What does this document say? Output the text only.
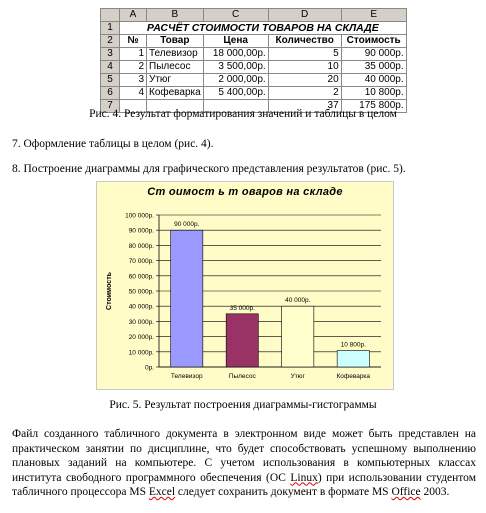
	A	B	C	D	E
1	РАСЧЁТ СТОИМОСТИ ТОВАРОВ НА СКЛАДЕ				
2	№	Товар	Цена	Количество	Стоимость
3	1	Телевизор	18 000,00р.	5	90 000р.
4	2	Пылесос	3 500,00р.	10	35 000р.
5	3	Утюг	2 000,00р.	20	40 000р.
6	4	Кофеварка	5 400,00р.	2	10 800р.
7				37	175 800р.
Рис. 4. Результат форматирования значений и таблицы в целом
7. Оформление таблицы в целом (рис. 4).
8. Построение диаграммы для графического представления результатов (рис. 5).
Ст оимост ь т оваров на складе
0р.
10 000р.
20 000р.
30 000р.
40 000р.
50 000р.
60 000р.
70 000р.
80 000р.
90 000р.
100 000р.
Стоимость
90 000р.
Телевизор
35 000р.
Пылесос
40 000р.
Утюг
10 800р.
Кофеварка
Рис. 5. Результат построения диаграммы-гистограммы
Файл созданного табличного документа в электронном виде может быть представлен на практическом занятии по дисциплине, что будет способствовать успешному выполнению плановых заданий на компьютере. С учетом использования в компьютерных классах института свободного программного обеспечения (ОС Linux) при использовании студентом табличного процессора MS Excel следует сохранить документ в формате MS Office 2003.
